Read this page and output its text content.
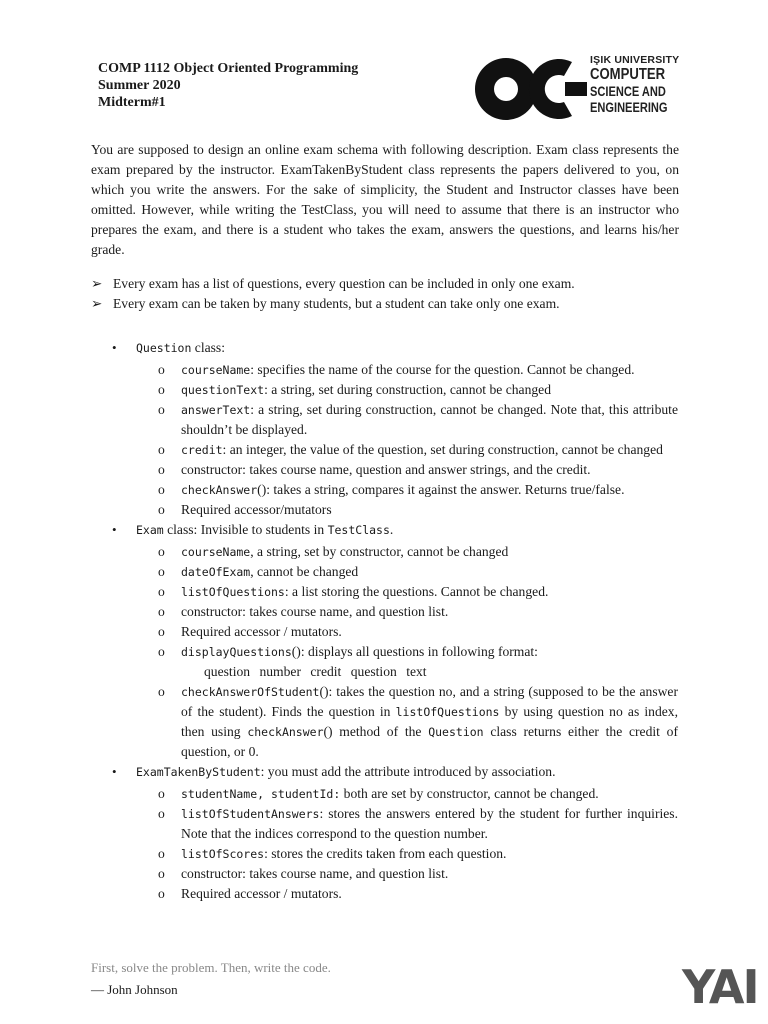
COMP 1112 Object Oriented Programming
Summer 2020
Midterm#1
IŞIK UNIVERSITY
COMPUTER
SCIENCE AND
ENGINEERING
You are supposed to design an online exam schema with following description. Exam class represents the exam prepared by the instructor. ExamTakenByStudent class represents the papers delivered to you, on which you write the answers. For the sake of simplicity, the Student and Instructor classes have been omitted. However, while writing the TestClass, you will need to assume that there is an instructor who prepares the exam, and there is a student who takes the exam, answers the questions, and learns his/her grade.
➢ Every exam has a list of questions, every question can be included in only one exam.
➢ Every exam can be taken by many students, but a student can take only one exam.
• Question class:
o courseName: specifies the name of the course for the question. Cannot be changed.
o questionText: a string, set during construction, cannot be changed
o answerText: a string, set during construction, cannot be changed. Note that, this attribute shouldn’t be displayed.
o credit: an integer, the value of the question, set during construction, cannot be changed
o constructor: takes course name, question and answer strings, and the credit.
o checkAnswer(): takes a string, compares it against the answer. Returns true/false.
o Required accessor/mutators
• Exam class: Invisible to students in TestClass.
o courseName, a string, set by constructor, cannot be changed
o dateOfExam, cannot be changed
o listOfQuestions: a list storing the questions. Cannot be changed.
o constructor: takes course name, and question list.
o Required accessor / mutators.
o displayQuestions(): displays all questions in following format:
question number credit question text
o checkAnswerOfStudent(): takes the question no, and a string (supposed to be the answer of the student). Finds the question in listOfQuestions by using question no as index, then using checkAnswer() method of the Question class returns either the credit of question, or 0.
• ExamTakenByStudent: you must add the attribute introduced by association.
o studentName, studentId: both are set by constructor, cannot be changed.
o listOfStudentAnswers: stores the answers entered by the student for further inquiries. Note that the indices correspond to the question number.
o listOfScores: stores the credits taken from each question.
o constructor: takes course name, and question list.
o Required accessor / mutators.
First, solve the problem. Then, write the code.
— John Johnson	YAI
